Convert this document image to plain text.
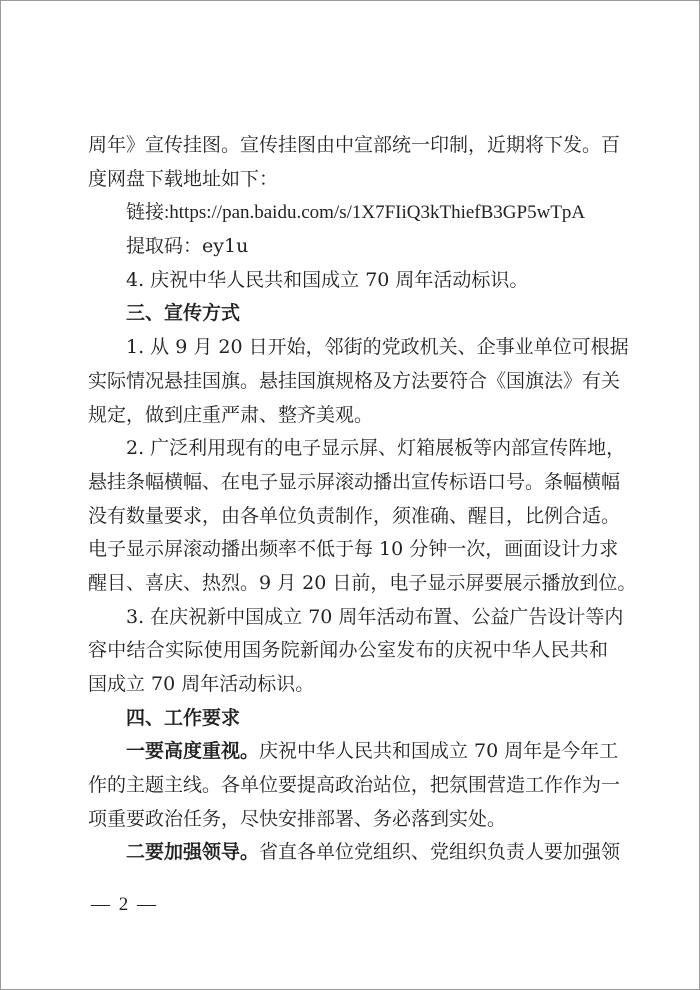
周年》宣传挂图。宣传挂图由中宣部统一印制，近期将下发。百
度网盘下载地址如下：
链接:https://pan.baidu.com/s/1X7FIiQ3kThiefB3GP5wTpA
提取码：ey1u
4. 庆祝中华人民共和国成立 70 周年活动标识。
三、宣传方式
1. 从 9 月 20 日开始，邻街的党政机关、企事业单位可根据
实际情况悬挂国旗。悬挂国旗规格及方法要符合《国旗法》有关
规定，做到庄重严肃、整齐美观。
2. 广泛利用现有的电子显示屏、灯箱展板等内部宣传阵地，
悬挂条幅横幅、在电子显示屏滚动播出宣传标语口号。条幅横幅
没有数量要求，由各单位负责制作，须准确、醒目，比例合适。
电子显示屏滚动播出频率不低于每 10 分钟一次，画面设计力求
醒目、喜庆、热烈。9 月 20 日前，电子显示屏要展示播放到位。
3. 在庆祝新中国成立 70 周年活动布置、公益广告设计等内
容中结合实际使用国务院新闻办公室发布的庆祝中华人民共和
国成立 70 周年活动标识。
四、工作要求
一要高度重视。庆祝中华人民共和国成立 70 周年是今年工
作的主题主线。各单位要提高政治站位，把氛围营造工作作为一
项重要政治任务，尽快安排部署、务必落到实处。
二要加强领导。省直各单位党组织、党组织负责人要加强领
— 2 —
